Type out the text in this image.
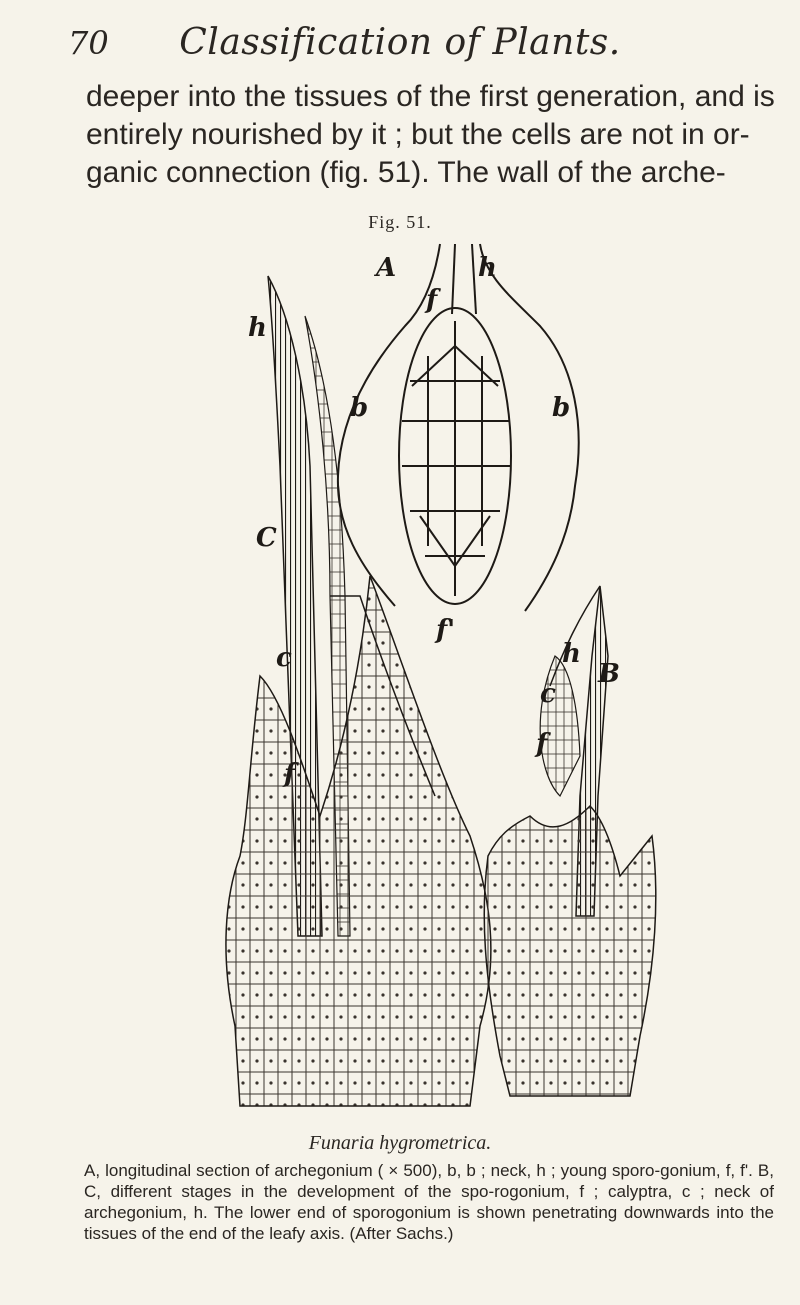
70	Classification of Plants.
deeper into the tissues of the first generation, and is
entirely nourished by it ; but the cells are not in or-
ganic connection (fig. 51). The wall of the arche-
Fig. 51.
A	h
f
h
b	b
C
f'
c	h
c
B
f
f
Funaria hygrometrica.
A, longitudinal section of archegonium ( × 500), b, b ; neck, h ; young sporo-gonium, f, f'. B, C, different stages in the development of the spo-rogonium, f ; calyptra, c ; neck of archegonium, h. The lower end of sporogonium is shown penetrating downwards into the tissues of the end of the leafy axis. (After Sachs.)
